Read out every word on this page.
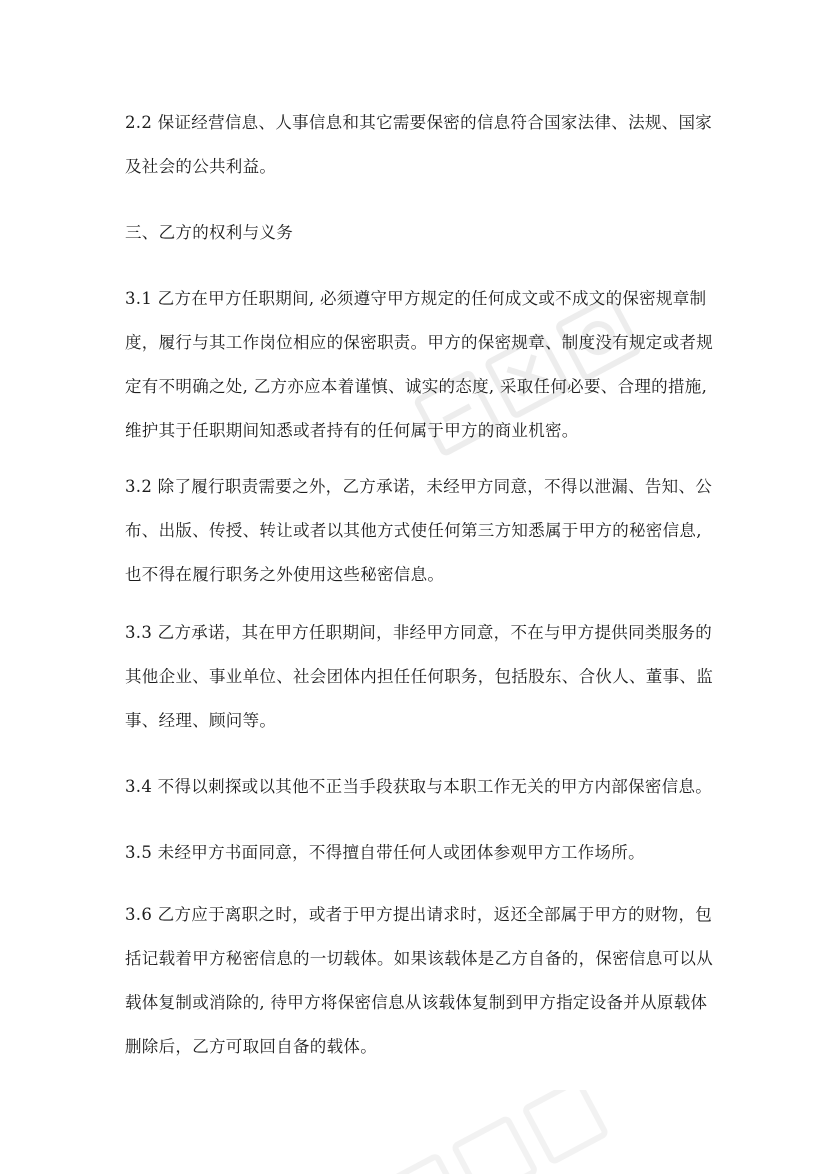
2.2 保证经营信息、人事信息和其它需要保密的信息符合国家法律、法规、国家
及社会的公共利益。
三、乙方的权利与义务
3.1 乙方在甲方任职期间, 必须遵守甲方规定的任何成文或不成文的保密规章制
度，履行与其工作岗位相应的保密职责。甲方的保密规章、制度没有规定或者规
定有不明确之处, 乙方亦应本着谨慎、诚实的态度, 采取任何必要、合理的措施,
维护其于任职期间知悉或者持有的任何属于甲方的商业机密。
3.2 除了履行职责需要之外，乙方承诺，未经甲方同意，不得以泄漏、告知、公
布、出版、传授、转让或者以其他方式使任何第三方知悉属于甲方的秘密信息,
也不得在履行职务之外使用这些秘密信息。
3.3 乙方承诺，其在甲方任职期间，非经甲方同意，不在与甲方提供同类服务的
其他企业、事业单位、社会团体内担任任何职务，包括股东、合伙人、董事、监
事、经理、顾问等。
3.4 不得以刺探或以其他不正当手段获取与本职工作无关的甲方内部保密信息。
3.5 未经甲方书面同意，不得擅自带任何人或团体参观甲方工作场所。
3.6 乙方应于离职之时，或者于甲方提出请求时，返还全部属于甲方的财物，包
括记载着甲方秘密信息的一切载体。如果该载体是乙方自备的，保密信息可以从
载体复制或消除的, 待甲方将保密信息从该载体复制到甲方指定设备并从原载体
删除后，乙方可取回自备的载体。
